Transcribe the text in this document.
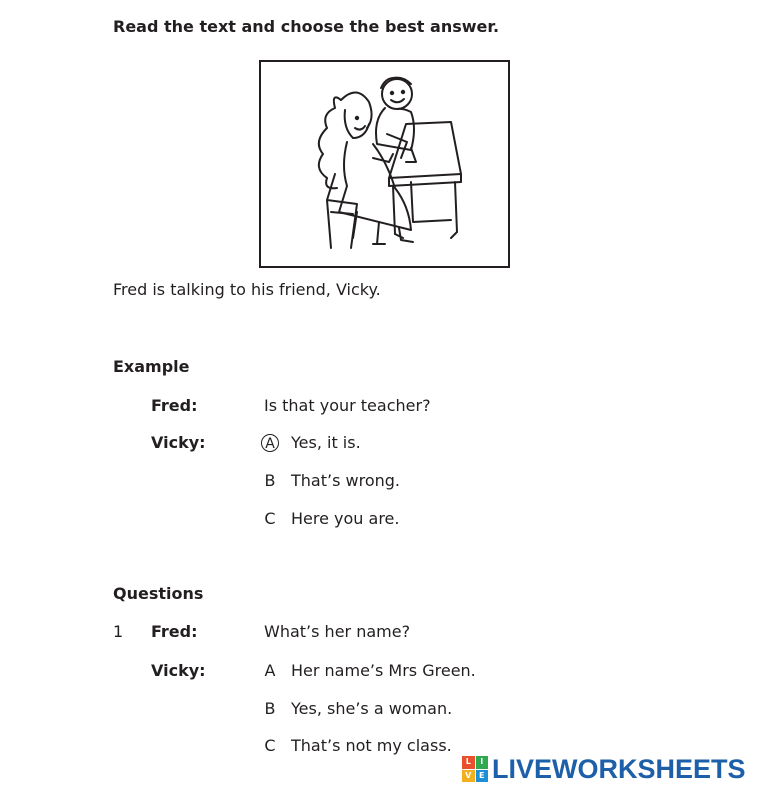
Read the text and choose the best answer.
Fred is talking to his friend, Vicky.
Example
Fred:	Is that your teacher?
Vicky:	A Yes, it is.
B That’s wrong.
C Here you are.
Questions
1 Fred:	What’s her name?
Vicky:	A Her name’s Mrs Green.
B Yes, she’s a woman.
C That’s not my class.
L	I
V E LIVEWORKSHEETS
